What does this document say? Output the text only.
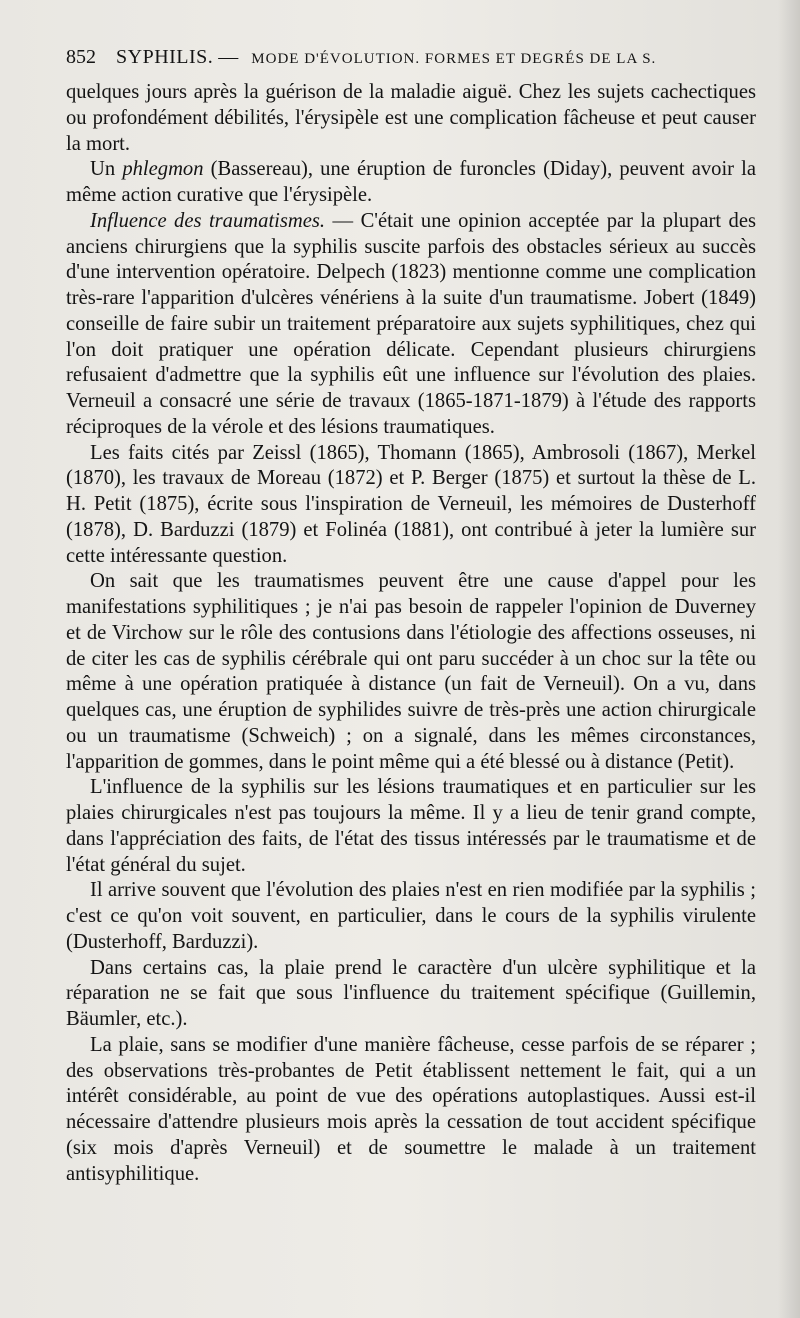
852 SYPHILIS. — MODE D'ÉVOLUTION. FORMES ET DEGRÉS DE LA S.

quelques jours après la guérison de la maladie aiguë. Chez les sujets cachectiques ou profondément débilités, l'érysipèle est une complication fâcheuse et peut causer la mort.

Un phlegmon (Bassereau), une éruption de furoncles (Diday), peuvent avoir la même action curative que l'érysipèle.

Influence des traumatismes. — C'était une opinion acceptée par la plupart des anciens chirurgiens que la syphilis suscite parfois des obstacles sérieux au succès d'une intervention opératoire. Delpech (1823) mentionne comme une complication très-rare l'apparition d'ulcères vénériens à la suite d'un traumatisme. Jobert (1849) conseille de faire subir un traitement préparatoire aux sujets syphilitiques, chez qui l'on doit pratiquer une opération délicate. Cependant plusieurs chirurgiens refusaient d'admettre que la syphilis eût une influence sur l'évolution des plaies. Verneuil a consacré une série de travaux (1865-1871-1879) à l'étude des rapports réciproques de la vérole et des lésions traumatiques.

Les faits cités par Zeissl (1865), Thomann (1865), Ambrosoli (1867), Merkel (1870), les travaux de Moreau (1872) et P. Berger (1875) et surtout la thèse de L. H. Petit (1875), écrite sous l'inspiration de Verneuil, les mémoires de Dusterhoff (1878), D. Barduzzi (1879) et Folinéa (1881), ont contribué à jeter la lumière sur cette intéressante question.

On sait que les traumatismes peuvent être une cause d'appel pour les manifestations syphilitiques ; je n'ai pas besoin de rappeler l'opinion de Duverney et de Virchow sur le rôle des contusions dans l'étiologie des affections osseuses, ni de citer les cas de syphilis cérébrale qui ont paru succéder à un choc sur la tête ou même à une opération pratiquée à distance (un fait de Verneuil). On a vu, dans quelques cas, une éruption de syphilides suivre de très-près une action chirurgicale ou un traumatisme (Schweich) ; on a signalé, dans les mêmes circonstances, l'apparition de gommes, dans le point même qui a été blessé ou à distance (Petit).

L'influence de la syphilis sur les lésions traumatiques et en particulier sur les plaies chirurgicales n'est pas toujours la même. Il y a lieu de tenir grand compte, dans l'appréciation des faits, de l'état des tissus intéressés par le traumatisme et de l'état général du sujet.

Il arrive souvent que l'évolution des plaies n'est en rien modifiée par la syphilis ; c'est ce qu'on voit souvent, en particulier, dans le cours de la syphilis virulente (Dusterhoff, Barduzzi).

Dans certains cas, la plaie prend le caractère d'un ulcère syphilitique et la réparation ne se fait que sous l'influence du traitement spécifique (Guillemin, Bäumler, etc.).

La plaie, sans se modifier d'une manière fâcheuse, cesse parfois de se réparer ; des observations très-probantes de Petit établissent nettement le fait, qui a un intérêt considérable, au point de vue des opérations autoplastiques. Aussi est-il nécessaire d'attendre plusieurs mois après la cessation de tout accident spécifique (six mois d'après Verneuil) et de soumettre le malade à un traitement antisyphilitique.
